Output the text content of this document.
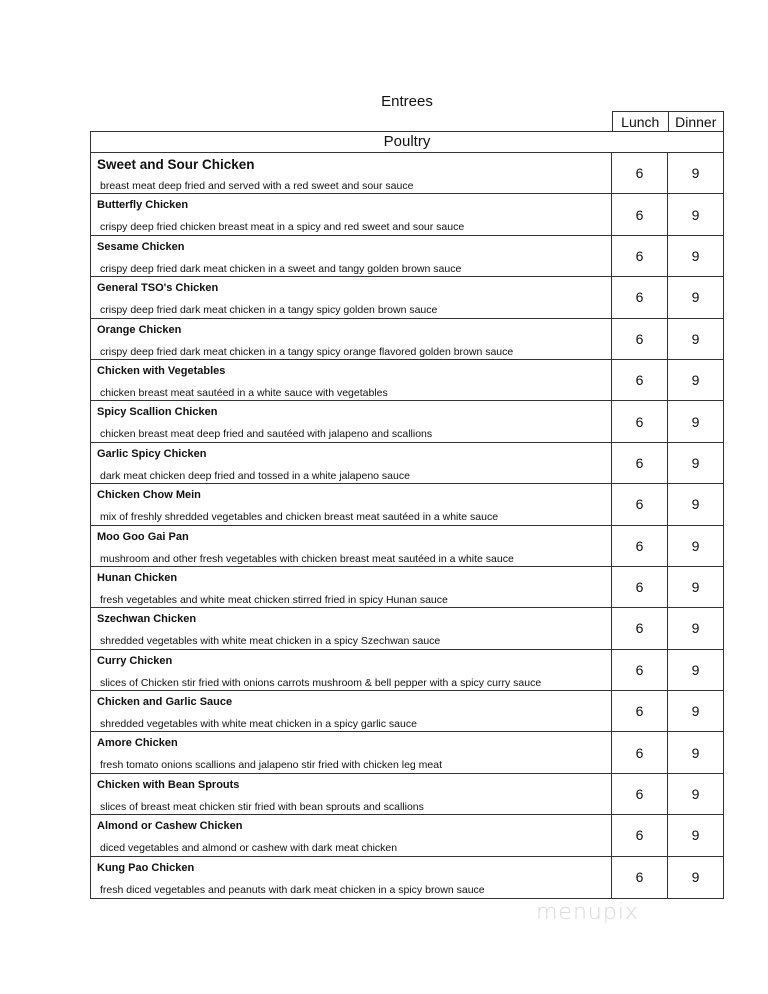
Entrees
Lunch	Dinner
Poultry
Sweet and Sour Chicken
breast meat deep fried and served with a red sweet and sour sauce
6	9
Butterfly Chicken
crispy deep fried chicken breast meat in a spicy and red sweet and sour sauce
6	9
Sesame Chicken
crispy deep fried dark meat chicken in a sweet and tangy golden brown sauce
6	9
General TSO's Chicken
crispy deep fried dark meat chicken in a tangy spicy golden brown sauce
6	9
Orange Chicken
crispy deep fried dark meat chicken in a tangy spicy orange flavored golden brown sauce
6	9
Chicken with Vegetables
chicken breast meat sautéed in a white sauce with vegetables
6	9
Spicy Scallion Chicken
chicken breast meat deep fried and sautéed with jalapeno and scallions
6	9
Garlic Spicy Chicken
dark meat chicken deep fried and tossed in a white jalapeno sauce
6	9
Chicken Chow Mein
mix of freshly shredded vegetables and chicken breast meat sautéed in a white sauce
6	9
Moo Goo Gai Pan
mushroom and other fresh vegetables with chicken breast meat sautéed in a white sauce
6	9
Hunan Chicken
fresh vegetables and white meat chicken stirred fried in spicy Hunan sauce
6	9
Szechwan Chicken
shredded vegetables with white meat chicken in a spicy Szechwan sauce
6	9
Curry Chicken
slices of Chicken stir fried with onions carrots mushroom & bell pepper with a spicy curry sauce
6	9
Chicken and Garlic Sauce
shredded vegetables with white meat chicken in a spicy garlic sauce
6	9
Amore Chicken
fresh tomato onions scallions and jalapeno stir fried with chicken leg meat
6	9
Chicken with Bean Sprouts
slices of breast meat chicken stir fried with bean sprouts and scallions
6	9
Almond or Cashew Chicken
diced vegetables and almond or cashew with dark meat chicken
6	9
Kung Pao Chicken
fresh diced vegetables and peanuts with dark meat chicken in a spicy brown sauce
6	9
menupix
